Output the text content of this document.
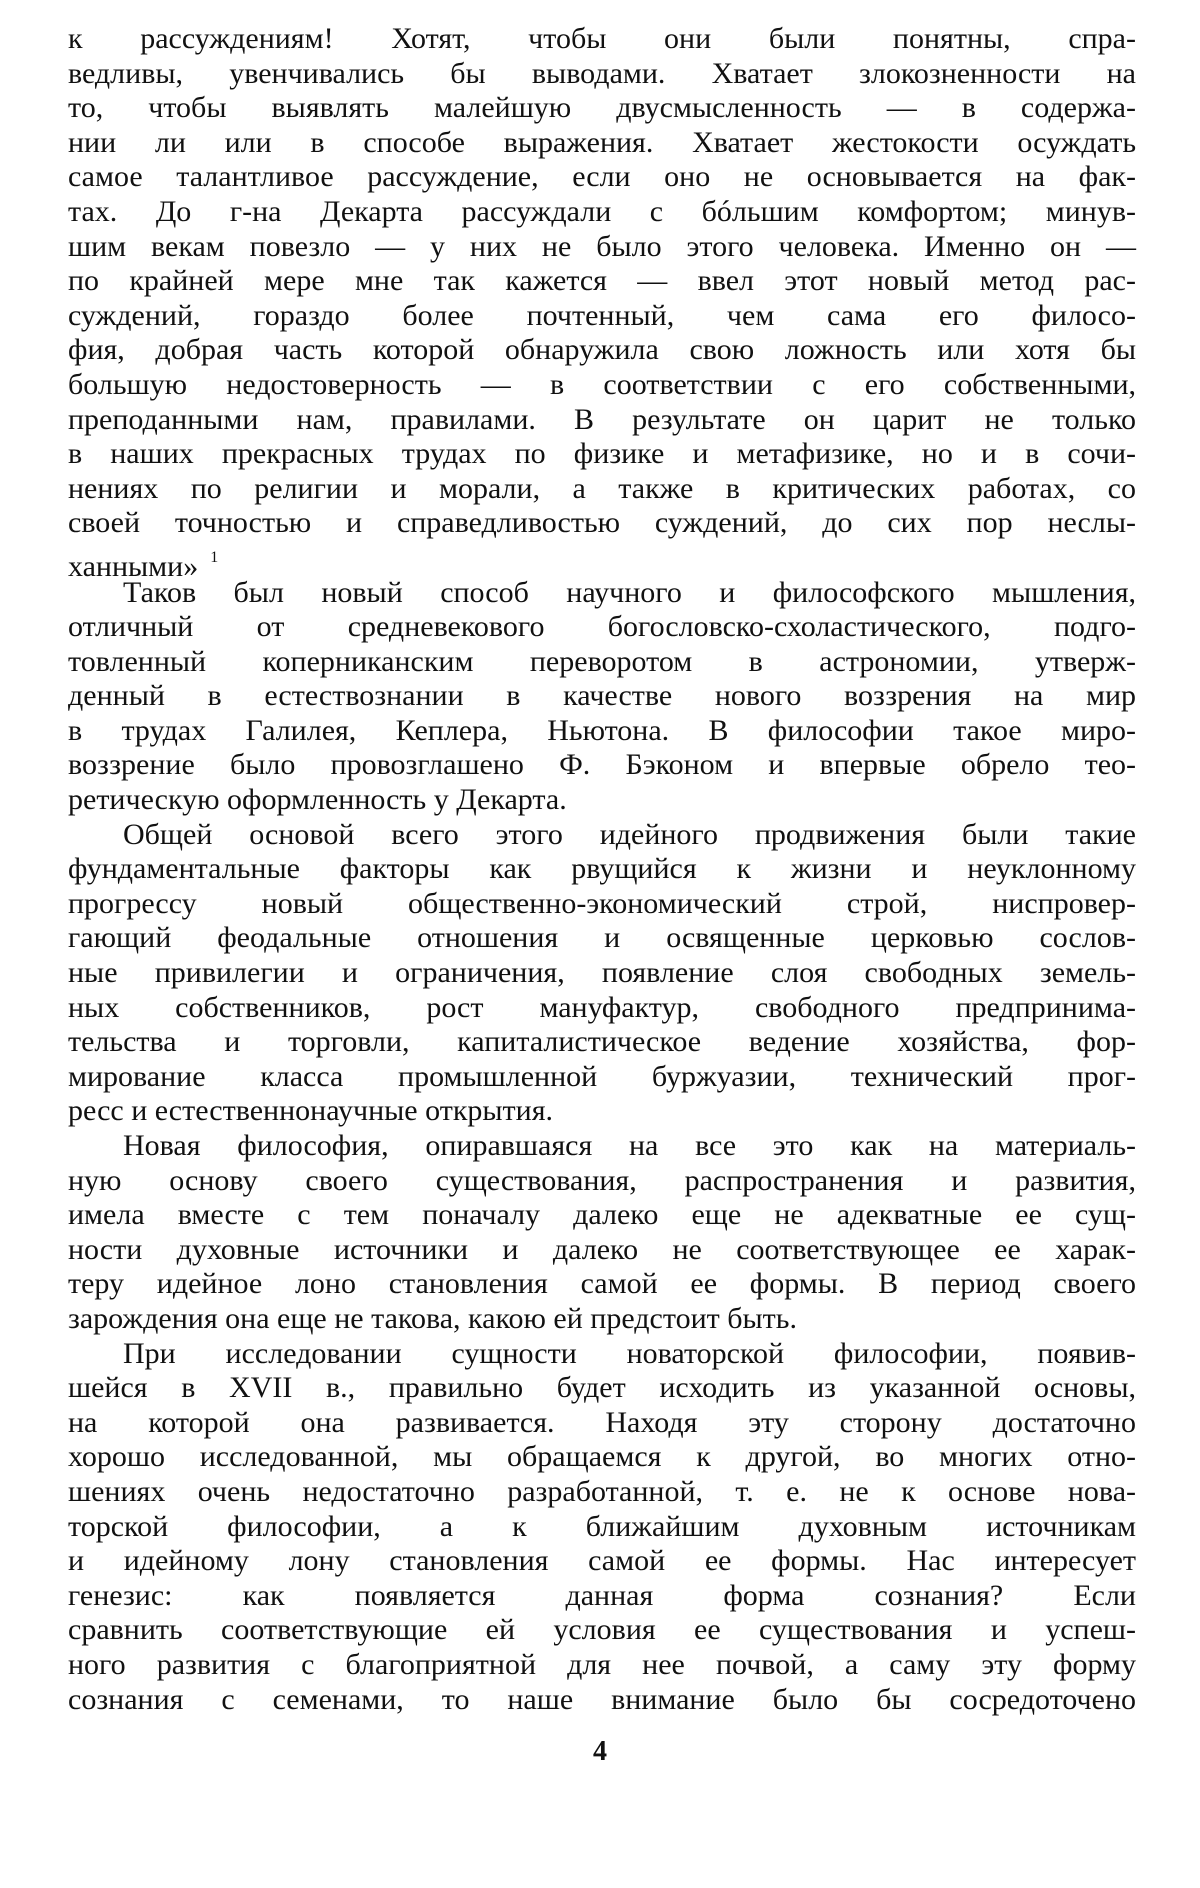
к рассуждениям! Хотят, чтобы они были понятны, спра-
ведливы, увенчивались бы выводами. Хватает злокозненности на
то, чтобы выявлять малейшую двусмысленность — в содержа-
нии ли или в способе выражения. Хватает жестокости осуждать
самое талантливое рассуждение, если оно не основывается на фак-
тах. До г-на Декарта рассуждали с бóльшим комфортом; минув-
шим векам повезло — у них не было этого человека. Именно он —
по крайней мере мне так кажется — ввел этот новый метод рас-
суждений, гораздо более почтенный, чем сама его филосо-
фия, добрая часть которой обнаружила свою ложность или хотя бы
большую недостоверность — в соответствии с его собственными,
преподанными нам, правилами. В результате он царит не только
в наших прекрасных трудах по физике и метафизике, но и в сочи-
нениях по религии и морали, а также в критических работах, со
своей точностью и справедливостью суждений, до сих пор неслы-
ханными» $^1$
Таков был новый способ научного и философского мышления,
отличный от средневекового богословско-схоластического, подго-
товленный коперниканским переворотом в астрономии, утверж-
денный в естествознании в качестве нового воззрения на мир
в трудах Галилея, Кеплера, Ньютона. В философии такое миро-
воззрение было провозглашено Ф. Бэконом и впервые обрело тео-
ретическую оформленность у Декарта.
Общей основой всего этого идейного продвижения были такие
фундаментальные факторы как рвущийся к жизни и неуклонному
прогрессу новый общественно-экономический строй, ниспровер-
гающий феодальные отношения и освященные церковью сослов-
ные привилегии и ограничения, появление слоя свободных земель-
ных собственников, рост мануфактур, свободного предпринима-
тельства и торговли, капиталистическое ведение хозяйства, фор-
мирование класса промышленной буржуазии, технический прог-
ресс и естественнонаучные открытия.
Новая философия, опиравшаяся на все это как на материаль-
ную основу своего существования, распространения и развития,
имела вместе с тем поначалу далеко еще не адекватные ее сущ-
ности духовные источники и далеко не соответствующее ее харак-
теру идейное лоно становления самой ее формы. В период своего
зарождения она еще не такова, какою ей предстоит быть.
При исследовании сущности новаторской философии, появив-
шейся в XVII в., правильно будет исходить из указанной основы,
на которой она развивается. Находя эту сторону достаточно
хорошо исследованной, мы обращаемся к другой, во многих отно-
шениях очень недостаточно разработанной, т. е. не к основе нова-
торской философии, а к ближайшим духовным источникам
и идейному лону становления самой ее формы. Нас интересует
генезис: как появляется данная форма сознания? Если
сравнить соответствующие ей условия ее существования и успеш-
ного развития с благоприятной для нее почвой, а саму эту форму
сознания с семенами, то наше внимание было бы сосредоточено
4
